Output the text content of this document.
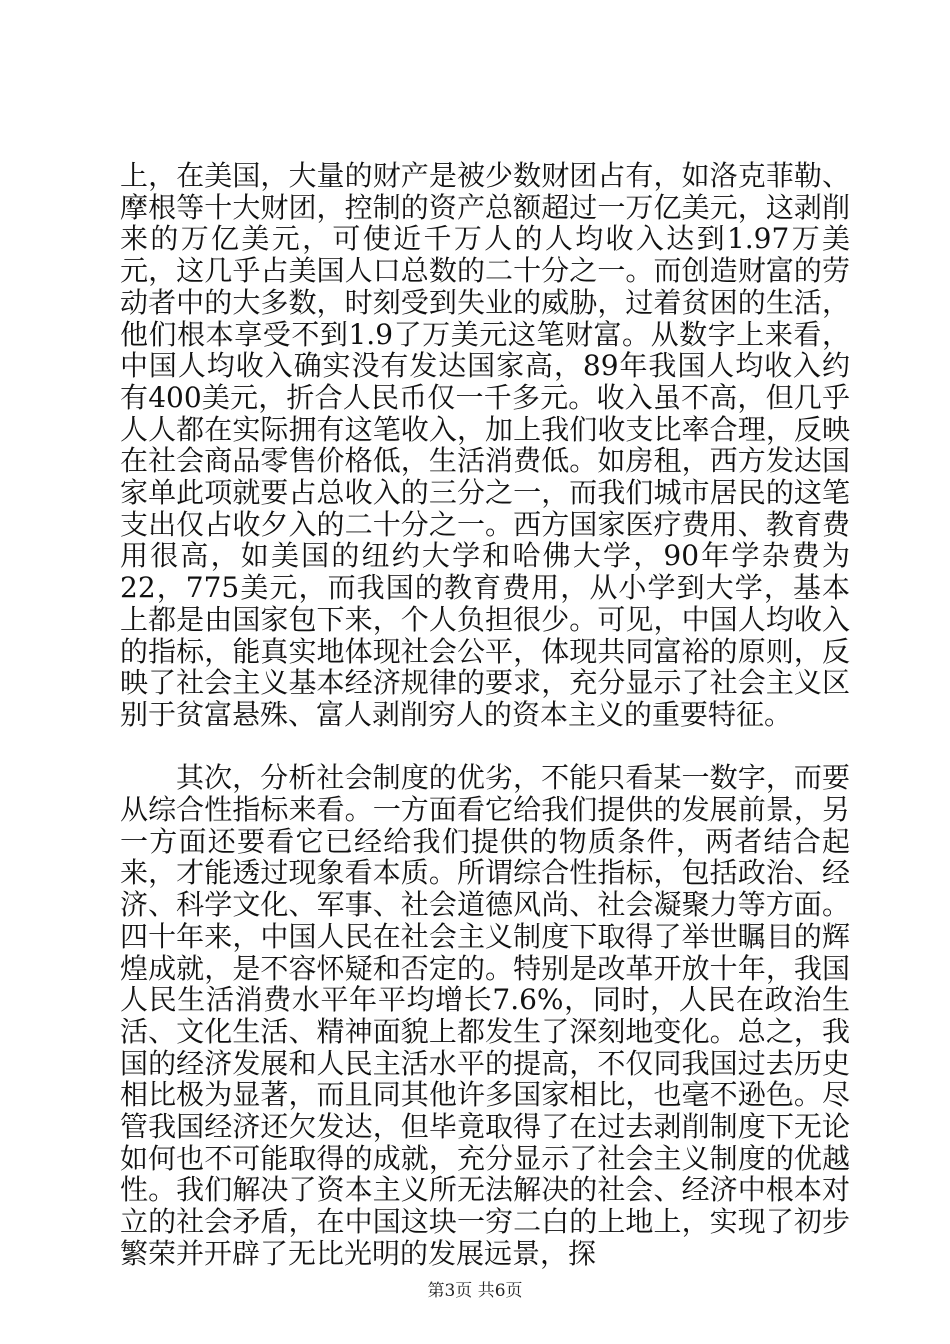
上，在美国，大量的财产是被少数财团占有，如洛克菲勒、摩根等十大财团，控制的资产总额超过一万亿美元，这剥削来的万亿美元，可使近千万人的人均收入达到1.97万美元，这几乎占美国人口总数的二十分之一。而创造财富的劳动者中的大多数，时刻受到失业的威胁，过着贫困的生活，他们根本享受不到1.9了万美元这笔财富。从数字上来看，中国人均收入确实没有发达国家高，89年我国人均收入约有400美元，折合人民币仅一千多元。收入虽不高，但几乎人人都在实际拥有这笔收入，加上我们收支比率合理，反映在社会商品零售价格低，生活消费低。如房租，西方发达国家单此项就要占总收入的三分之一，而我们城市居民的这笔支出仅占收夕入的二十分之一。西方国家医疗费用、教育费用很高，如美国的纽约大学和哈佛大学，90年学杂费为22，775美元，而我国的教育费用，从小学到大学，基本上都是由国家包下来，个人负担很少。可见，中国人均收入的指标，能真实地体现社会公平，体现共同富裕的原则，反映了社会主义基本经济规律的要求，充分显示了社会主义区别于贫富悬殊、富人剥削穷人的资本主义的重要特征。

其次，分析社会制度的优劣，不能只看某一数字，而要从综合性指标来看。一方面看它给我们提供的发展前景，另一方面还要看它已经给我们提供的物质条件，两者结合起来，才能透过现象看本质。所谓综合性指标，包括政治、经济、科学文化、军事、社会道德风尚、社会凝聚力等方面。四十年来，中国人民在社会主义制度下取得了举世瞩目的辉煌成就，是不容怀疑和否定的。特别是改革开放十年，我国人民生活消费水平年平均增长7.6%，同时，人民在政治生活、文化生活、精神面貌上都发生了深刻地变化。总之，我国的经济发展和人民主活水平的提高，不仅同我国过去历史相比极为显著，而且同其他许多国家相比，也毫不逊色。尽管我国经济还欠发达，但毕竟取得了在过去剥削制度下无论如何也不可能取得的成就，充分显示了社会主义制度的优越性。我们解决了资本主义所无法解决的社会、经济中根本对立的社会矛盾，在中国这块一穷二白的上地上，实现了初步繁荣并开辟了无比光明的发展远景，探

第3页 共6页
